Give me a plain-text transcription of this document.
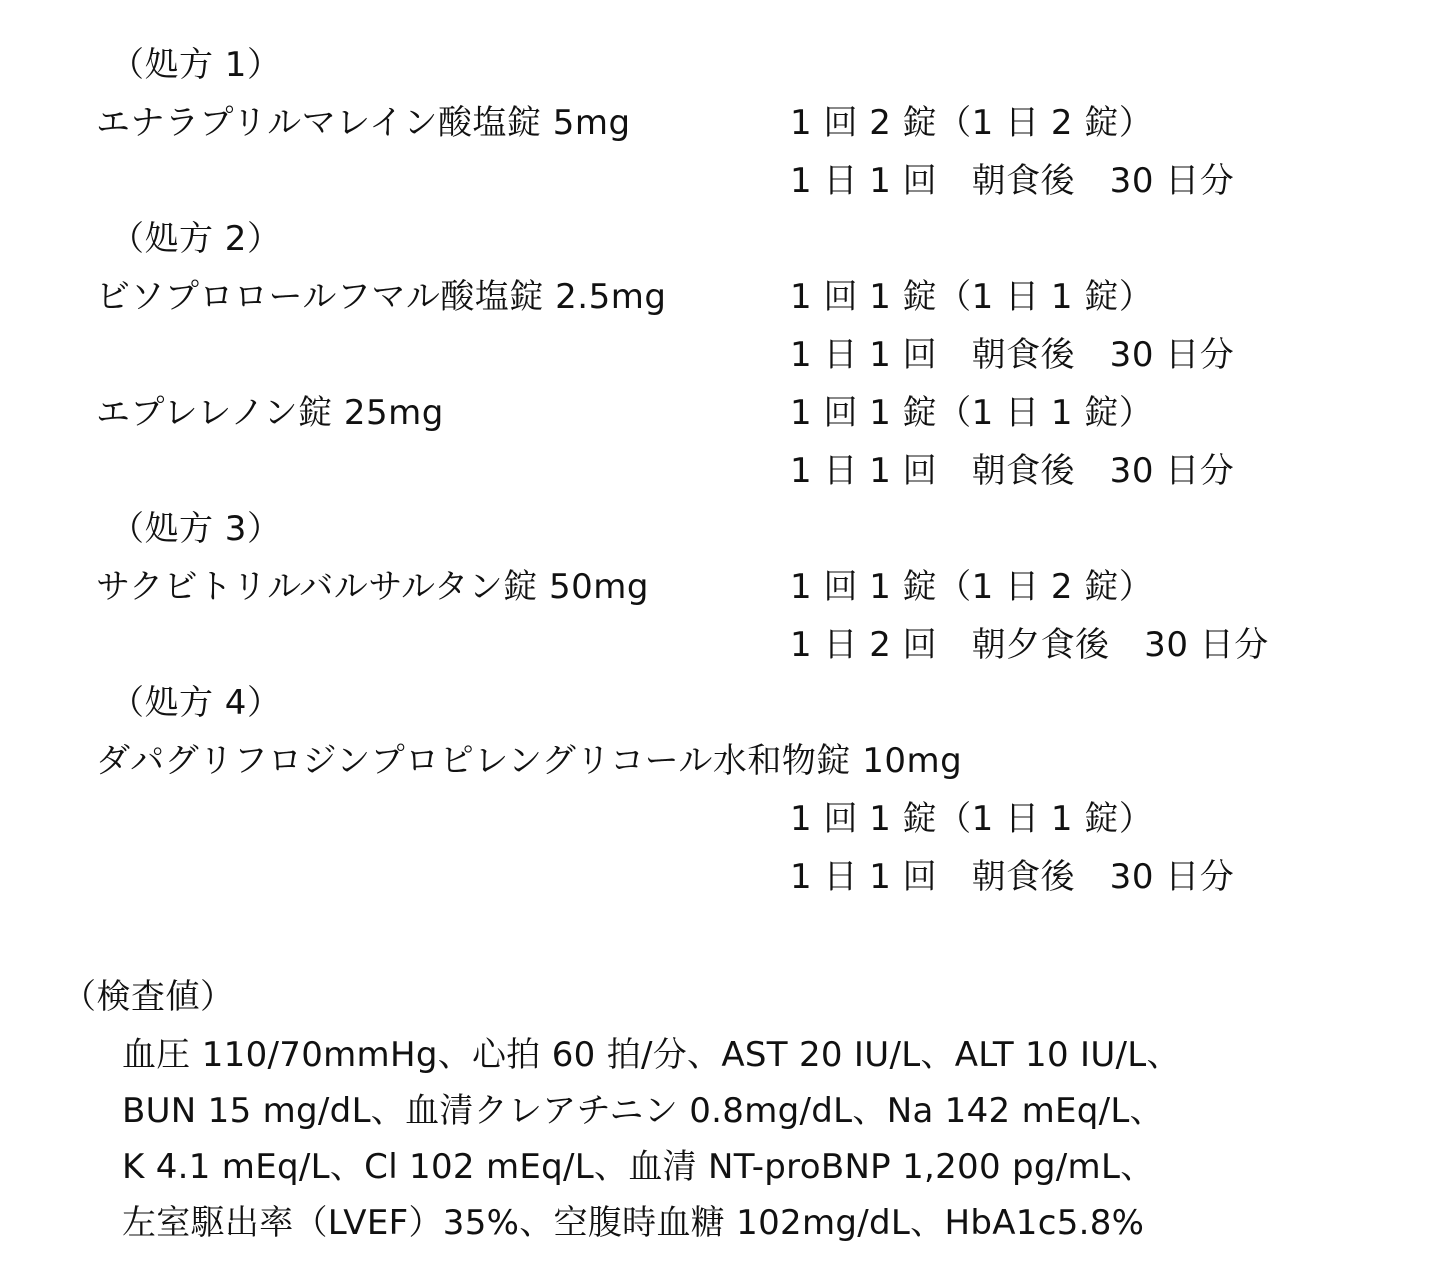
（処方 1）
エナラプリルマレイン酸塩錠 5mg	1 回 2 錠（1 日 2 錠）
1 日 1 回　朝食後　30 日分
（処方 2）
ビソプロロールフマル酸塩錠 2.5mg	1 回 1 錠（1 日 1 錠）
1 日 1 回　朝食後　30 日分
エプレレノン錠 25mg	1 回 1 錠（1 日 1 錠）
1 日 1 回　朝食後　30 日分
（処方 3）
サクビトリルバルサルタン錠 50mg	1 回 1 錠（1 日 2 錠）
1 日 2 回　朝夕食後　30 日分
（処方 4）
ダパグリフロジンプロピレングリコール水和物錠 10mg
1 回 1 錠（1 日 1 錠）
1 日 1 回　朝食後　30 日分
（検査値）
血圧 110/70mmHg、心拍 60 拍/分、AST 20 IU/L、ALT 10 IU/L、
BUN 15 mg/dL、血清クレアチニン 0.8mg/dL、Na 142 mEq/L、
K 4.1 mEq/L、Cl 102 mEq/L、血清 NT-proBNP 1,200 pg/mL、
左室駆出率（LVEF）35%、空腹時血糖 102mg/dL、HbA1c5.8%
